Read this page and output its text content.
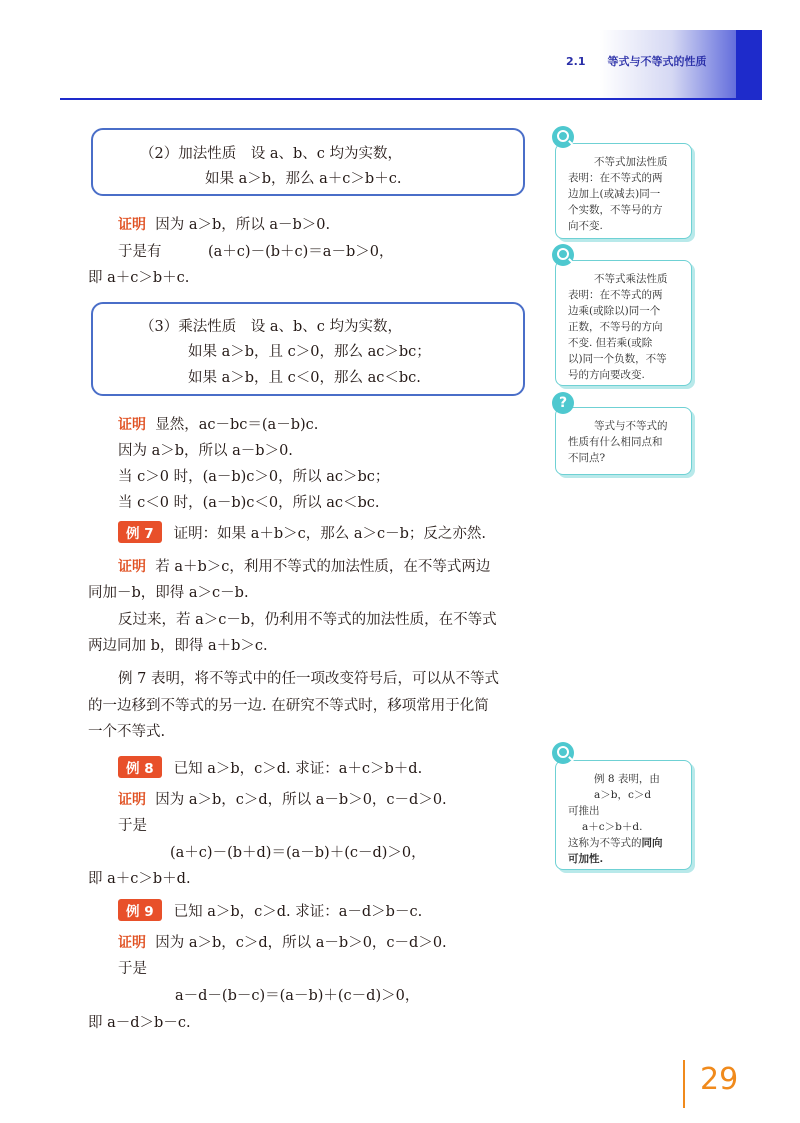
2.1 等式与不等式的性质
（2）加法性质　设 a、b、c 均为实数，
如果 a＞b，那么 a＋c＞b＋c.
证明 因为 a＞b，所以 a－b＞0.
于是有	(a＋c)－(b＋c)＝a－b＞0，
即 a＋c＞b＋c.
（3）乘法性质　设 a、b、c 均为实数，
如果 a＞b，且 c＞0，那么 ac＞bc；
如果 a＞b，且 c＜0，那么 ac＜bc.
证明 显然，ac－bc＝(a－b)c.
因为 a＞b，所以 a－b＞0.
当 c＞0 时，(a－b)c＞0，所以 ac＞bc；
当 c＜0 时，(a－b)c＜0，所以 ac＜bc.
例 7 证明：如果 a＋b＞c，那么 a＞c－b；反之亦然.
证明 若 a＋b＞c，利用不等式的加法性质，在不等式两边
同加－b，即得 a＞c－b.
反过来，若 a＞c－b，仍利用不等式的加法性质，在不等式
两边同加 b，即得 a＋b＞c.
例 7 表明，将不等式中的任一项改变符号后，可以从不等式
的一边移到不等式的另一边. 在研究不等式时，移项常用于化简
一个不等式.
例 8 已知 a＞b，c＞d. 求证：a＋c＞b＋d.
证明 因为 a＞b，c＞d，所以 a－b＞0，c－d＞0.
于是
(a＋c)－(b＋d)＝(a－b)＋(c－d)＞0，
即 a＋c＞b＋d.
例 9 已知 a＞b，c＞d. 求证：a－d＞b－c.
证明 因为 a＞b，c＞d，所以 a－b＞0，c－d＞0.
于是
a－d－(b－c)＝(a－b)＋(c－d)＞0，
即 a－d＞b－c.
不等式加法性质
表明：在不等式的两
边加上(或减去)同一
个实数，不等号的方
向不变.
不等式乘法性质
表明：在不等式的两
边乘(或除以)同一个
正数，不等号的方向
不变. 但若乘(或除
以)同一个负数，不等
号的方向要改变.
等式与不等式的
性质有什么相同点和
不同点?
?
例 8 表明，由
a＞b，c＞d
可推出
a＋c＞b＋d.
这称为不等式的同向
可加性.
29
